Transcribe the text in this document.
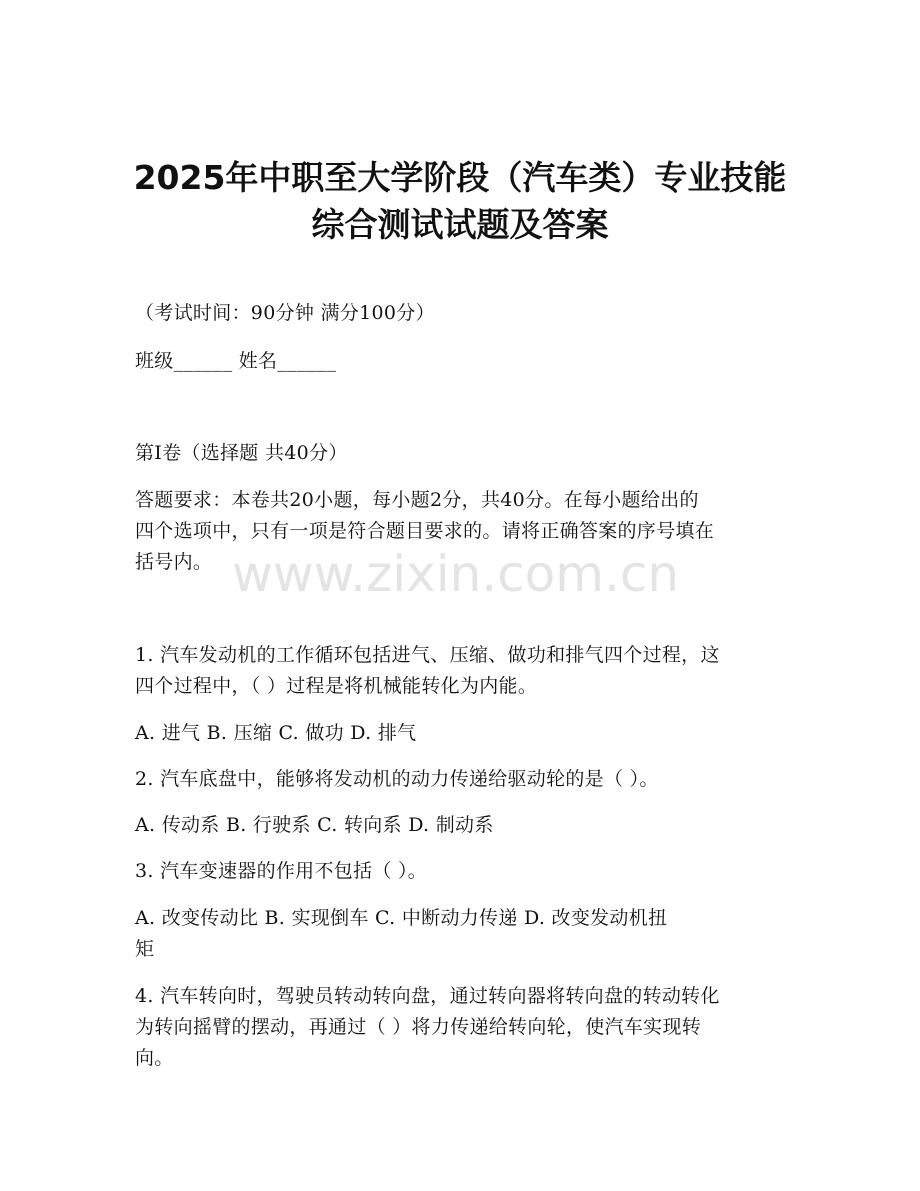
www.zixin.com.cn
2025年中职至大学阶段（汽车类）专业技能
综合测试试题及答案
（考试时间：90分钟 满分100分）
班级______ 姓名______
第Ⅰ卷（选择题 共40分）
答题要求：本卷共20小题，每小题2分，共40分。在每小题给出的
四个选项中，只有一项是符合题目要求的。请将正确答案的序号填在
括号内。
1. 汽车发动机的工作循环包括进气、压缩、做功和排气四个过程，这
四个过程中，（ ）过程是将机械能转化为内能。
A. 进气 B. 压缩 C. 做功 D. 排气
2. 汽车底盘中，能够将发动机的动力传递给驱动轮的是（ ）。
A. 传动系 B. 行驶系 C. 转向系 D. 制动系
3. 汽车变速器的作用不包括（ ）。
A. 改变传动比 B. 实现倒车 C. 中断动力传递 D. 改变发动机扭
矩
4. 汽车转向时，驾驶员转动转向盘，通过转向器将转向盘的转动转化
为转向摇臂的摆动，再通过（ ）将力传递给转向轮，使汽车实现转
向。
